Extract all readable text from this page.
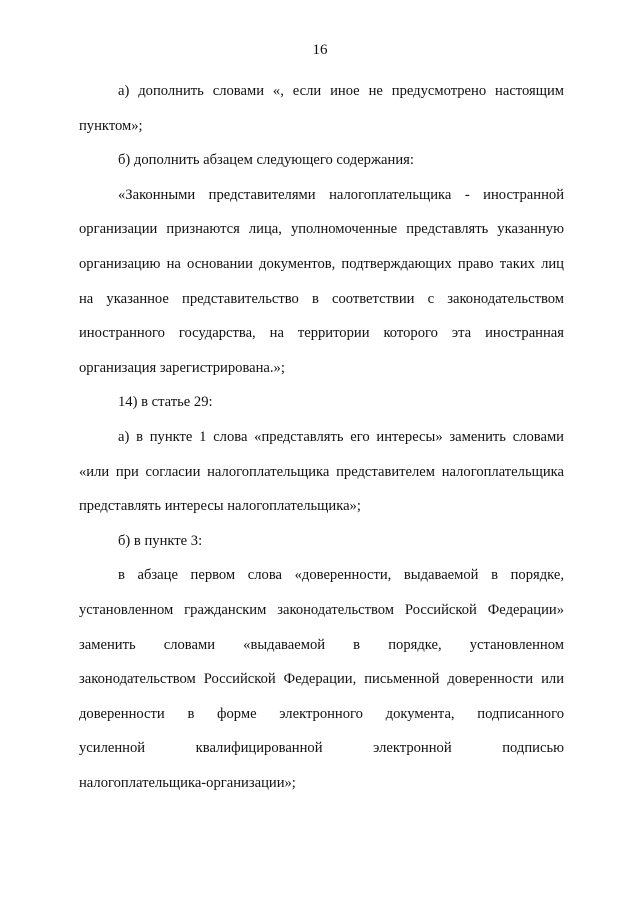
16
а) дополнить словами «, если иное не предусмотрено настоящим
пунктом»;
б) дополнить абзацем следующего содержания:
«Законными представителями налогоплательщика - иностранной
организации признаются лица, уполномоченные представлять указанную
организацию на основании документов, подтверждающих право таких лиц
на указанное представительство в соответствии с законодательством
иностранного государства, на территории которого эта иностранная
организация зарегистрирована.»;
14) в статье 29:
а) в пункте 1 слова «представлять его интересы» заменить словами
«или при согласии налогоплательщика представителем налогоплательщика
представлять интересы налогоплательщика»;
б) в пункте 3:
в абзаце первом слова «доверенности, выдаваемой в порядке,
установленном гражданским законодательством Российской Федерации»
заменить словами «выдаваемой в порядке, установленном
законодательством Российской Федерации, письменной доверенности или
доверенности в форме электронного документа, подписанного
усиленной квалифицированной электронной подписью
налогоплательщика-организации»;
